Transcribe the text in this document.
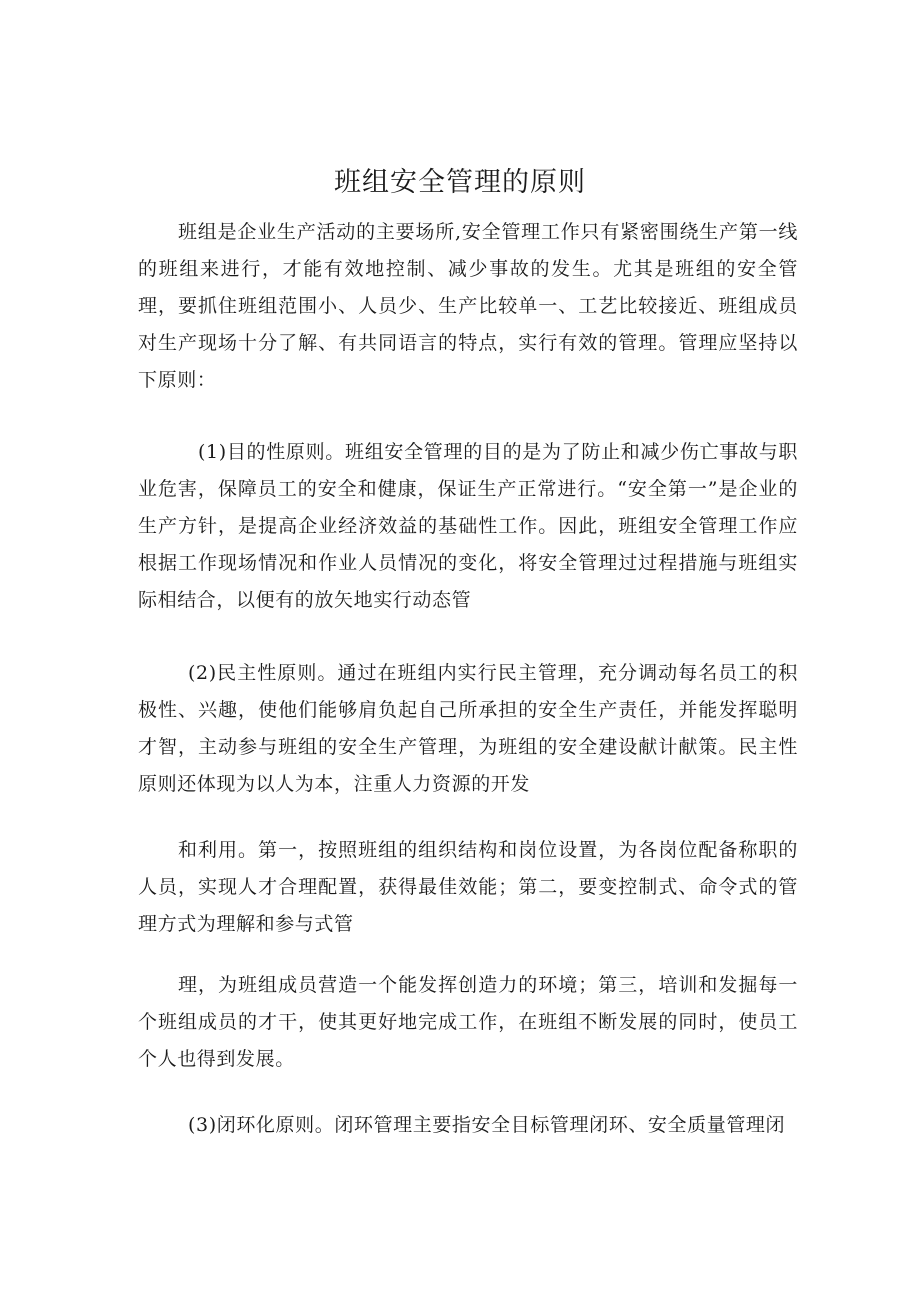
班组安全管理的原则

班组是企业生产活动的主要场所,安全管理工作只有紧密围绕生产第一线的班组来进行，才能有效地控制、减少事故的发生。尤其是班组的安全管理，要抓住班组范围小、人员少、生产比较单一、工艺比较接近、班组成员对生产现场十分了解、有共同语言的特点，实行有效的管理。管理应坚持以下原则：

(1)目的性原则。班组安全管理的目的是为了防止和减少伤亡事故与职业危害，保障员工的安全和健康，保证生产正常进行。“安全第一”是企业的生产方针，是提高企业经济效益的基础性工作。因此，班组安全管理工作应根据工作现场情况和作业人员情况的变化，将安全管理过过程措施与班组实际相结合，以便有的放矢地实行动态管

(2)民主性原则。通过在班组内实行民主管理，充分调动每名员工的积极性、兴趣，使他们能够肩负起自己所承担的安全生产责任，并能发挥聪明才智，主动参与班组的安全生产管理，为班组的安全建设献计献策。民主性原则还体现为以人为本，注重人力资源的开发

和利用。第一，按照班组的组织结构和岗位设置，为各岗位配备称职的人员，实现人才合理配置，获得最佳效能；第二，要变控制式、命令式的管理方式为理解和参与式管

理，为班组成员营造一个能发挥创造力的环境；第三，培训和发掘每一个班组成员的才干，使其更好地完成工作，在班组不断发展的同时，使员工个人也得到发展。

(3)闭环化原则。闭环管理主要指安全目标管理闭环、安全质量管理闭
